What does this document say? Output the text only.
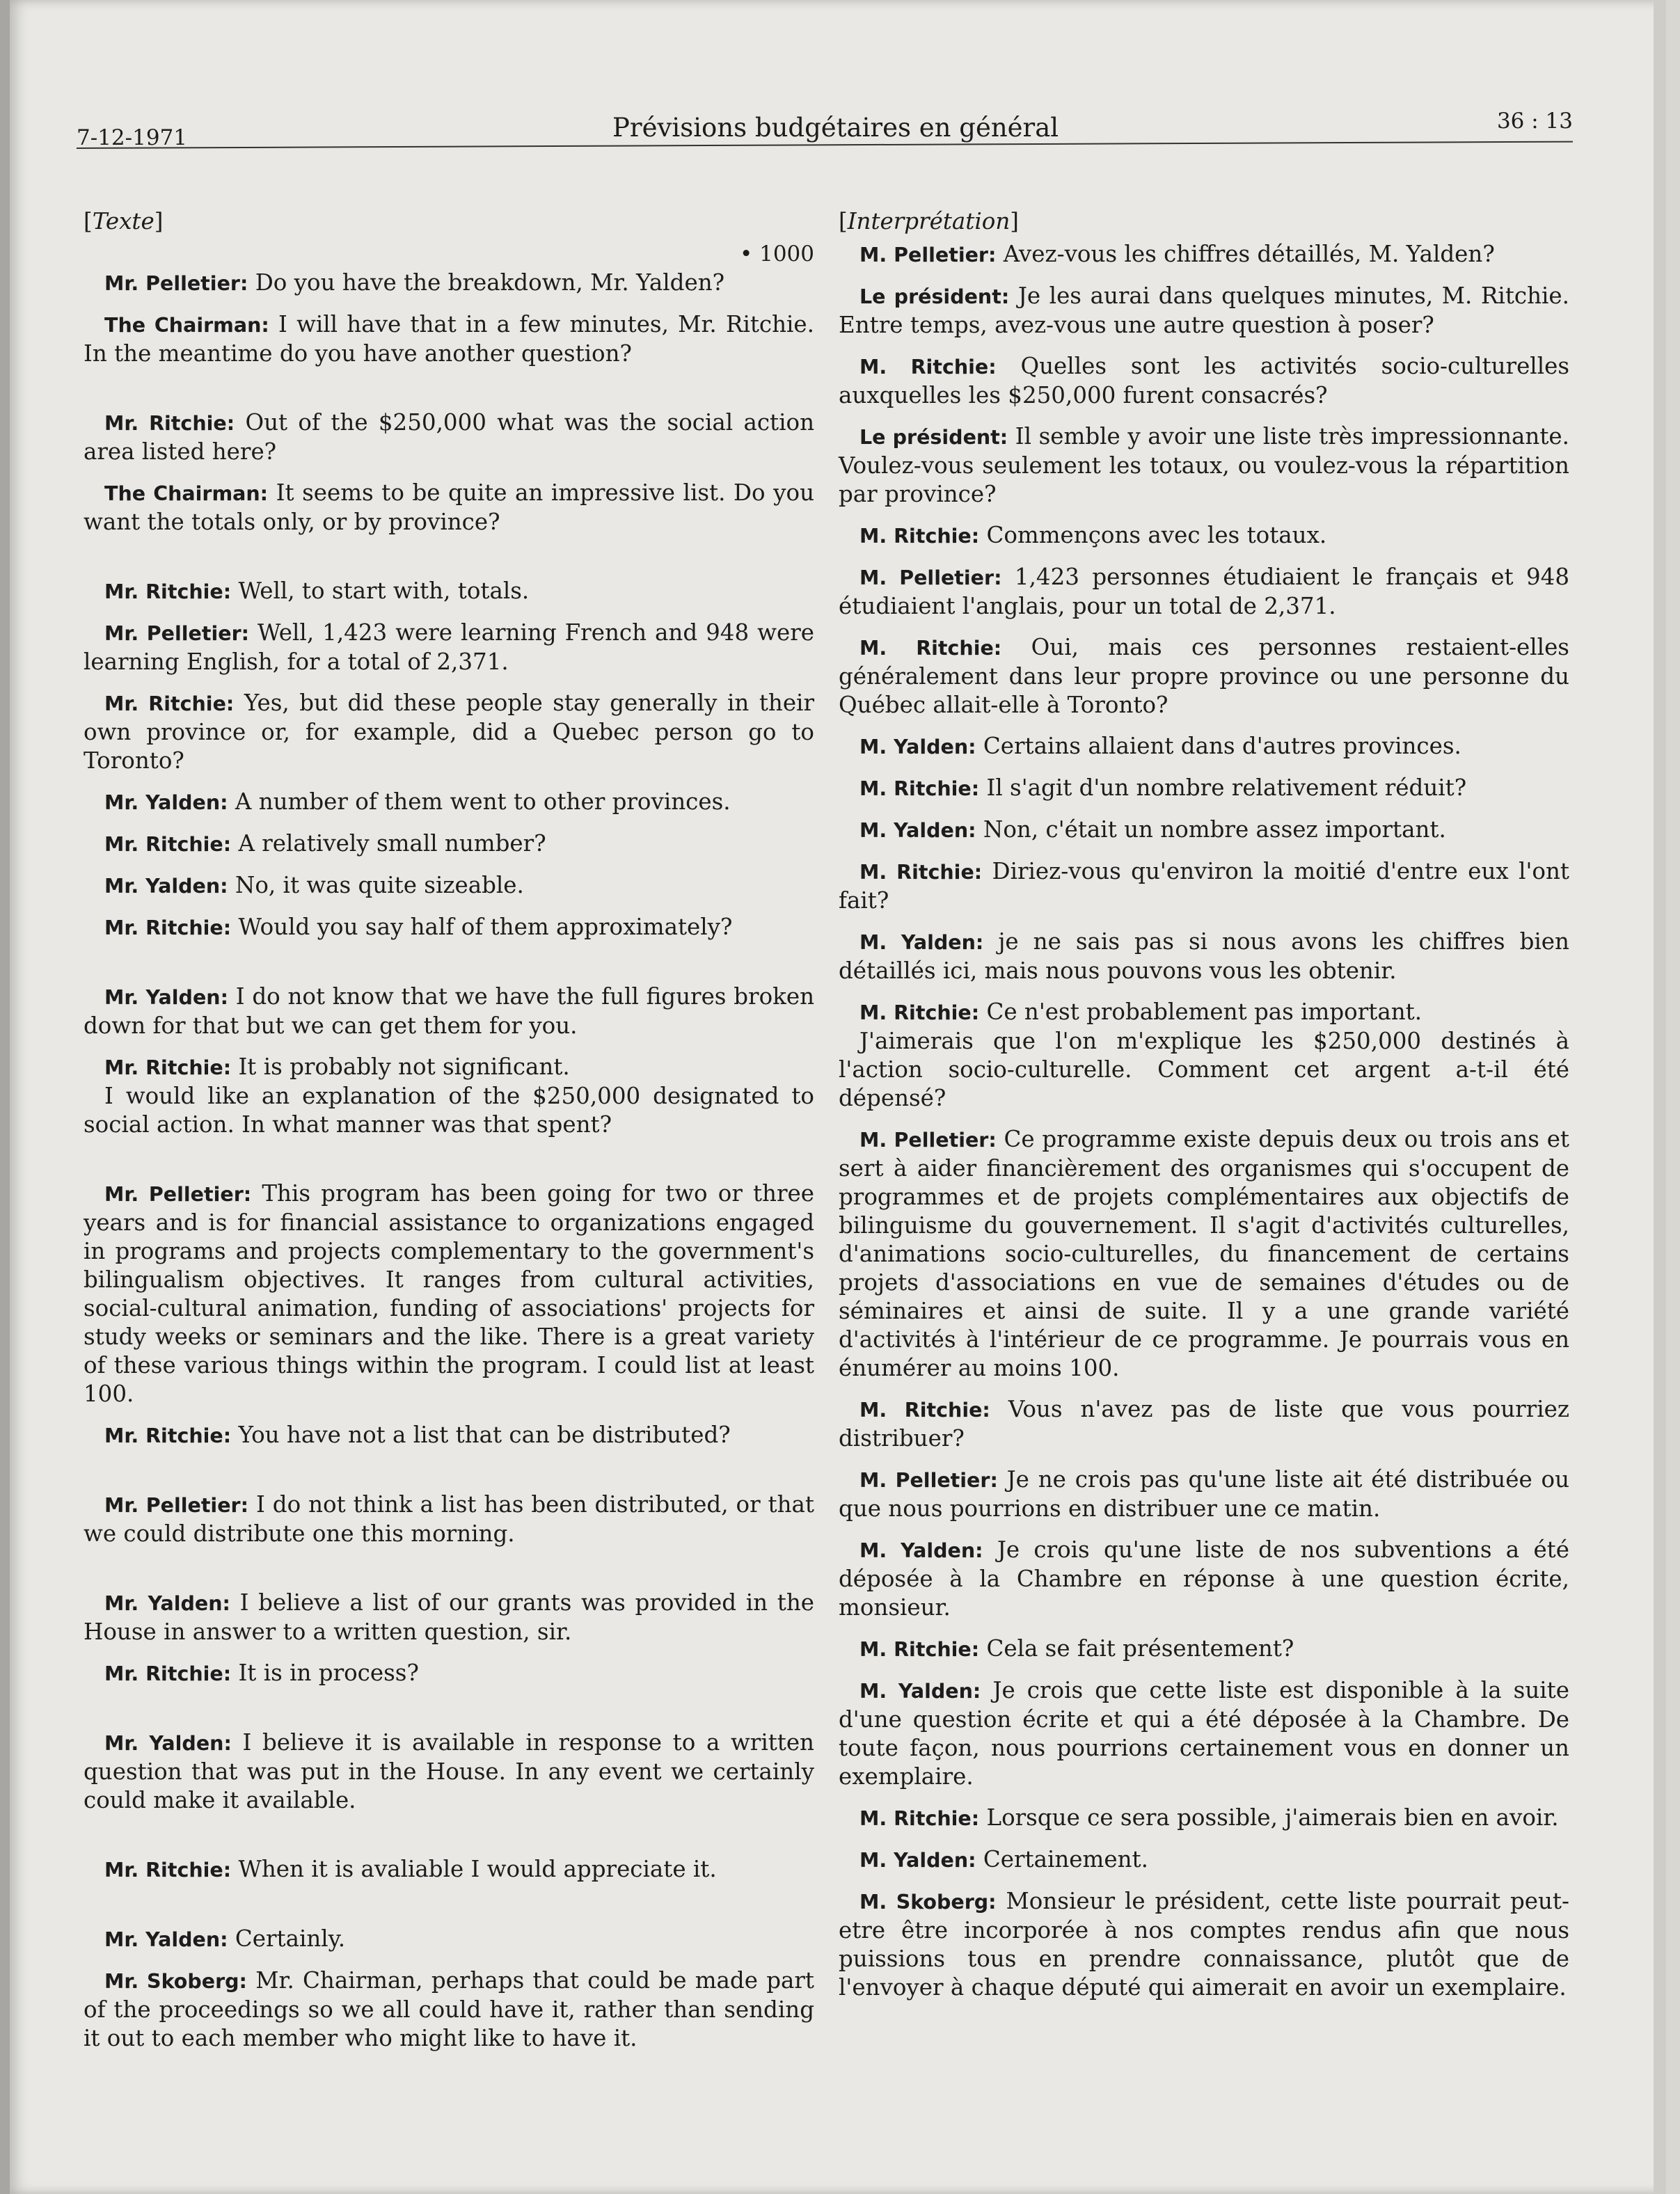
7-12-1971	Prévisions budgétaires en général	36 : 13
[Texte]
• 1000
Mr. Pelletier: Do you have the breakdown, Mr. Yalden?
The Chairman: I will have that in a few minutes, Mr. Ritchie. In the meantime do you have another question?
Mr. Ritchie: Out of the $250,000 what was the social action area listed here?
The Chairman: It seems to be quite an impressive list. Do you want the totals only, or by province?
Mr. Ritchie: Well, to start with, totals.
Mr. Pelletier: Well, 1,423 were learning French and 948 were learning English, for a total of 2,371.
Mr. Ritchie: Yes, but did these people stay generally in their own province or, for example, did a Quebec person go to Toronto?
Mr. Yalden: A number of them went to other provinces.
Mr. Ritchie: A relatively small number?
Mr. Yalden: No, it was quite sizeable.
Mr. Ritchie: Would you say half of them approximately?
Mr. Yalden: I do not know that we have the full figures broken down for that but we can get them for you.
Mr. Ritchie: It is probably not significant.
I would like an explanation of the $250,000 designated to social action. In what manner was that spent?
Mr. Pelletier: This program has been going for two or three years and is for financial assistance to organizations engaged in programs and projects complementary to the government's bilingualism objectives. It ranges from cultural activities, social-cultural animation, funding of associations' projects for study weeks or seminars and the like. There is a great variety of these various things within the program. I could list at least 100.
Mr. Ritchie: You have not a list that can be distributed?
Mr. Pelletier: I do not think a list has been distributed, or that we could distribute one this morning.
Mr. Yalden: I believe a list of our grants was provided in the House in answer to a written question, sir.
Mr. Ritchie: It is in process?
Mr. Yalden: I believe it is available in response to a written question that was put in the House. In any event we certainly could make it available.
Mr. Ritchie: When it is avaliable I would appreciate it.
Mr. Yalden: Certainly.
Mr. Skoberg: Mr. Chairman, perhaps that could be made part of the proceedings so we all could have it, rather than sending it out to each member who might like to have it.
[Interprétation]
M. Pelletier: Avez-vous les chiffres détaillés, M. Yalden?
Le président: Je les aurai dans quelques minutes, M. Ritchie. Entre temps, avez-vous une autre question à poser?
M. Ritchie: Quelles sont les activités socio-culturelles auxquelles les $250,000 furent consacrés?
Le président: Il semble y avoir une liste très impressionnante. Voulez-vous seulement les totaux, ou voulez-vous la répartition par province?
M. Ritchie: Commençons avec les totaux.
M. Pelletier: 1,423 personnes étudiaient le français et 948 étudiaient l'anglais, pour un total de 2,371.
M. Ritchie: Oui, mais ces personnes restaient-elles généralement dans leur propre province ou une personne du Québec allait-elle à Toronto?
M. Yalden: Certains allaient dans d'autres provinces.
M. Ritchie: Il s'agit d'un nombre relativement réduit?
M. Yalden: Non, c'était un nombre assez important.
M. Ritchie: Diriez-vous qu'environ la moitié d'entre eux l'ont fait?
M. Yalden: je ne sais pas si nous avons les chiffres bien détaillés ici, mais nous pouvons vous les obtenir.
M. Ritchie: Ce n'est probablement pas important.
J'aimerais que l'on m'explique les $250,000 destinés à l'action socio-culturelle. Comment cet argent a-t-il été dépensé?
M. Pelletier: Ce programme existe depuis deux ou trois ans et sert à aider financièrement des organismes qui s'occupent de programmes et de projets complémentaires aux objectifs de bilinguisme du gouvernement. Il s'agit d'activités culturelles, d'animations socio-culturelles, du financement de certains projets d'associations en vue de semaines d'études ou de séminaires et ainsi de suite. Il y a une grande variété d'activités à l'intérieur de ce programme. Je pourrais vous en énumérer au moins 100.
M. Ritchie: Vous n'avez pas de liste que vous pourriez distribuer?
M. Pelletier: Je ne crois pas qu'une liste ait été distribuée ou que nous pourrions en distribuer une ce matin.
M. Yalden: Je crois qu'une liste de nos subventions a été déposée à la Chambre en réponse à une question écrite, monsieur.
M. Ritchie: Cela se fait présentement?
M. Yalden: Je crois que cette liste est disponible à la suite d'une question écrite et qui a été déposée à la Chambre. De toute façon, nous pourrions certainement vous en donner un exemplaire.
M. Ritchie: Lorsque ce sera possible, j'aimerais bien en avoir.
M. Yalden: Certainement.
M. Skoberg: Monsieur le président, cette liste pourrait peut- etre être incorporée à nos comptes rendus afin que nous puissions tous en prendre connaissance, plutôt que de l'envoyer à chaque député qui aimerait en avoir un exemplaire.
